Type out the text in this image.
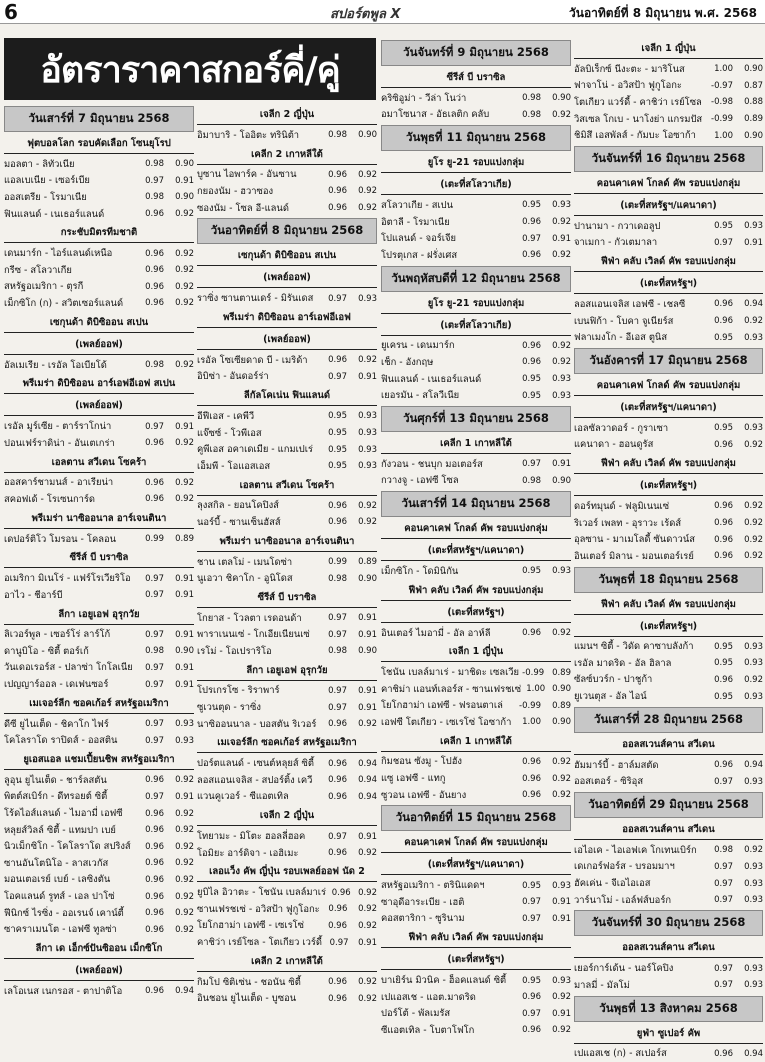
6	สปอร์ตพูล X	วันอาทิตย์ที่ 8 มิถุนายน พ.ศ. 2568
อัตราราคาสกอร์คี่/คู่
วันเสาร์ที่ 7 มิถุนายน 2568
ฟุตบอลโลก รอบคัดเลือก โซนยุโรป
มอลตา - ลิทัวเนีย	0.98	0.90
แอลเบเนีย - เซอร์เบีย	0.97	0.91
ออสเตรีย - โรมาเนีย	0.98	0.90
ฟินแลนด์ - เนเธอร์แลนด์	0.96	0.92
กระชับมิตรทีมชาติ
เดนมาร์ก - ไอร์แลนด์เหนือ	0.96	0.92
กรีซ - สโลวาเกีย	0.96	0.92
สหรัฐอเมริกา - ตุรกี	0.96	0.92
เม็กซิโก (ก) - สวิตเซอร์แลนด์	0.96	0.92
เซกุนด้า ดิบิซิออน สเปน
(เพลย์ออฟ)
อัลเมเรีย - เรอัล โอเบียโด้	0.98	0.92
พรีเมร่า ดิบิซิออน อาร์เอฟอีเอฟ สเปน
(เพลย์ออฟ)
เรอัล มูร์เซีย - ตาร์ราโกน่า	0.97	0.91
ปอนเฟร์ราดิน่า - อันเตเกร่า	0.96	0.92
เอลตาน สวีเดน โซคร้า
ออสคาร์ชามนส์ - อาเรียน่า	0.96	0.92
สคอฟเด้ - โรเซนการ์ด	0.96	0.92
พรีเมร่า นาซิออนาล อาร์เจนตินา
เดปอร์ติโว โมรอน - โคลอน	0.99	0.89
ซีรีส์ บี บราซิล
อเมริกา มิเนโร่ - แฟร์โรเวียริโอ	0.97	0.91
อาไว - ชีอาร์บี	0.97	0.91
ลีกา เอยูเอฟ อุรุกวัย
ลิเวอร์พูล - เซอร์โร่ ลาร์โก้	0.97	0.91
ดานูบิโอ - ซิตี้ ตอร์เก้	0.98	0.90
วันเดอเรอร์ส - ปลาซ่า โกโลเนีย	0.97	0.91
เปญญาร์ออล - เดเฟนซอร์	0.97	0.91
เมเจอร์ลีก ซอคเก้อร์ สหรัฐอเมริกา
ดีซี ยูไนเต็ด - ชิคาโก ไฟร์	0.97	0.93
โคโลราโด ราปิดส์ - ออสติน	0.97	0.93
ยูเอสแอล แชมเปี้ยนชิพ สหรัฐอเมริกา
ลูอุน ยูไนเต็ด - ชาร์ลสตัน	0.96	0.92
พิตต์สเบิร์ก - ดีทรอยต์ ซิตี้	0.97	0.91
โร้ดไอส์แลนด์ - ไมอามี่ เอฟซี	0.96	0.92
หลุยส์วิลล์ ซิตี้ - แทมปา เบย์	0.96	0.92
นิวเม็กซิโก - โคโลราโด สปริงส์	0.96	0.92
ซานอันโตนิโอ - ลาสเวกัส	0.96	0.92
มอนเตอเรย์ เบย์ - เลซิงตัน	0.96	0.92
โอคแลนด์ รูทส์ - เอล ปาโซ่	0.96	0.92
ฟีนิกซ์ ไรซิ่ง - ออเรนจ์ เคาน์ตี้	0.96	0.92
ซาคราเมนโต - เอฟซี ทูลซ่า	0.96	0.92
ลีกา เด เอ็กซ์ปันซิออน เม็กซิโก
(เพลย์ออฟ)
เลโอเนส เนกรอส - ตาปาติโอ	0.96	0.94
เจลีก 2 ญี่ปุ่น
อิมาบาริ - โออิตะ ทรินิต้า	0.98	0.90
เคลีก 2 เกาหลีใต้
บูซาน ไอพาร์ค - อันซาน	0.96	0.92
กยองนัม - ฮวาซอง	0.96	0.92
ซองนัม - โซล อี-แลนด์	0.96	0.92
วันอาทิตย์ที่ 8 มิถุนายน 2568
เซกุนด้า ดิบิซิออน สเปน
(เพลย์ออฟ)
ราซิ่ง ซานตานเดร์ - มิรันเดส	0.97	0.93
พรีเมร่า ดิบิซิออน อาร์เอฟอีเอฟ
(เพลย์ออฟ)
เรอัล โซเซียดาด บี - เมริด้า	0.96	0.92
อิบิซ่า - อันดอร์ร่า	0.97	0.91
ลีกัลโคเน่น ฟินแลนด์
อีฟีเอส - เคพีวี	0.95	0.93
แจ๊ซซ์ - โวพีเอส	0.95	0.93
คูพีเอส อคาเดเมีย - แกมเปเร่	0.95	0.93
เอ็มพี - โอแอสเอส	0.95	0.93
เอลตาน สวีเดน โซคร้า
ลุงสกิล - ยอนโคปิงส์	0.96	0.92
นอร์บี้ - ซานเซ็นฮัสส์	0.96	0.92
พรีเมร่า นาซิออนาล อาร์เจนตินา
ชาน เตลโม่ - เมนโดซ่า	0.99	0.89
นูเอวา ชิคาโก - อูนิโดส	0.98	0.90
ซีรีส์ บี บราซิล
โกยาส - โวลตา เรดอนด้า	0.97	0.91
พาราเนนเซ่ - โกเอียเนียนเซ่	0.97	0.91
เรโม่ - โอเปราริโอ	0.98	0.90
ลีกา เอยูเอฟ อุรุกวัย
โปรเกรโซ - ริราพาร์	0.97	0.91
ซูเวนตุด - ราซิ่ง	0.97	0.91
นาซิออนนาล - บอสตัน ริเวอร์	0.96	0.92
เมเจอร์ลีก ซอคเก้อร์ สหรัฐอเมริกา
ปอร์ตแลนด์ - เซนต์หลุยส์ ซิตี้	0.96	0.94
ลอสแอนเจลิส - สปอร์ติ้ง เควี	0.96	0.94
แวนคูเวอร์ - ซีแอตเทิล	0.96	0.94
เจลีก 2 ญี่ปุ่น
โทยามะ - มิโตะ ฮอลลี่ฮอค	0.97	0.91
โอมิยะ อาร์ดิจา - เอฮิเมะ	0.96	0.92
เลอแว็ง คัพ ญี่ปุ่น รอบเพลย์ออฟ นัด 2
ยูบิไล อิวาตะ - โชนัน เบลล์มาเร่ 0.96 0.92
ซานเฟรชเซ่ - อวิสป้า ฟูกูโอกะ	0.96	0.92
โยโกฮาม่า เอฟซี - เซเรโซ่	0.96	0.92
คาชิว่า เรย์โซล - โตเกียว เวร์ดี้ 0.97	0.91
เคลีก 2 เกาหลีใต้
กิมโป ซิติเซ่น - ชอนัน ซิตี้	0.96	0.92
อินชอน ยูไนเต็ด - บูซอน	0.96	0.92
วันจันทร์ที่ 9 มิถุนายน 2568
ซีรีส์ บี บราซิล
คริซิอูม่า - วีล่า โนว่า	0.98	0.90
อมาโซนาส - อัธเลติก คลับ	0.98	0.92
วันพุธที่ 11 มิถุนายน 2568
ยูโร ยู-21 รอบแบ่งกลุ่ม
(เตะที่สโลวาเกีย)
สโลวาเกีย - สเปน	0.95	0.93
อิตาลี - โรมาเนีย	0.96	0.92
โปแลนด์ - จอร์เจีย	0.97	0.91
โปรตุเกส - ฝรั่งเศส	0.96	0.92
วันพฤหัสบดีที่ 12 มิถุนายน 2568
ยูโร ยู-21 รอบแบ่งกลุ่ม
(เตะที่สโลวาเกีย)
ยูเครน - เดนมาร์ก	0.96	0.92
เช็ก - อังกฤษ	0.96	0.92
ฟินแลนด์ - เนเธอร์แลนด์	0.95	0.93
เยอรมัน - สโลวีเนีย	0.95	0.93
วันศุกร์ที่ 13 มิถุนายน 2568
เคลีก 1 เกาหลีใต้
กังวอน - ชนบุก มอเตอร์ส	0.97	0.91
กวางจู - เอฟซี โซล	0.98	0.90
วันเสาร์ที่ 14 มิถุนายน 2568
คอนคาเคฟ โกลด์ คัพ รอบแบ่งกลุ่ม
(เตะที่สหรัฐฯ/แคนาดา)
เม็กซิโก - โดมินิกัน	0.95	0.93
ฟีฟ่า คลับ เวิลด์ คัพ รอบแบ่งกลุ่ม
(เตะที่สหรัฐฯ)
อินเตอร์ ไมอามี่ - อัล อาห์ลี	0.96	0.92
เจลีก 1 ญี่ปุ่น
โชนัน เบลล์มาเร่ - มาชิดะ เซลเวีย -0.99 0.89
คาชิม่า แอนท์เลอร์ส - ซานเฟรชเซ่ 1.00 0.90
โยโกฮาม่า เอฟซี - ฟรอนตาเล่	-0.99	0.89
เอฟซี โตเกียว - เซเรโซ่ โอซาก้า	1.00	0.90
เคลีก 1 เกาหลีใต้
กิมชอน ซังมู - โปฮัง	0.96	0.92
แซู เอฟซี - แทกู	0.96	0.92
ซูวอน เอฟซี - อันยาง	0.96	0.92
วันอาทิตย์ที่ 15 มิถุนายน 2568
คอนคาเคฟ โกลด์ คัพ รอบแบ่งกลุ่ม
(เตะที่สหรัฐฯ/แคนาดา)
สหรัฐอเมริกา - ตรินิแดดฯ	0.95	0.93
ซาอุดีอาระเบีย - เฮติ	0.97	0.91
คอสตาริกา - ซูรินาม	0.97	0.91
ฟีฟ่า คลับ เวิลด์ คัพ รอบแบ่งกลุ่ม
(เตะที่สหรัฐฯ)
บาเยิร์น มิวนิค - ฮ็อคแลนด์ ซิตี้	0.95	0.93
เปแอสเช - แอต.มาดริด	0.96	0.92
ปอร์โต้ - พัลเมรัส	0.97	0.91
ซีแอตเทิล - โบตาโฟโก	0.96	0.92
เจลีก 1 ญี่ปุ่น
อัลบิเร็กซ์ นีงะตะ - มาริโนส	1.00	0.90
ฟาจาโน่ - อวิสป้า ฟูกูโอกะ	-0.97	0.87
โตเกียว แวร์ดี้ - คาชิว่า เรย์โซล	-0.98	0.88
วิสเซล โกเบ - นาโงย่า แกรมปัส	-0.99	0.89
ชิมิสึ เอสพัลส์ - กัมบะ โอซาก้า	1.00	0.90
วันจันทร์ที่ 16 มิถุนายน 2568
คอนคาเคฟ โกลด์ คัพ รอบแบ่งกลุ่ม
(เตะที่สหรัฐฯ/แคนาดา)
ปานามา - กวาเดอลูป	0.95	0.93
จาเมกา - กัวเตมาลา	0.97	0.91
ฟีฟ่า คลับ เวิลด์ คัพ รอบแบ่งกลุ่ม
(เตะที่สหรัฐฯ)
ลอสแอนเจลิส เอฟซี - เชลซี	0.96	0.94
เบนฟิก้า - โบคา จูเนียร์ส	0.96	0.92
ฟลาเมงโก - อีเอส ตูนิส	0.95	0.93
วันอังคารที่ 17 มิถุนายน 2568
คอนคาเคฟ โกลด์ คัพ รอบแบ่งกลุ่ม
(เตะที่สหรัฐฯ/แคนาดา)
เอลซัลวาดอร์ - กูราเซา	0.95	0.93
แคนาดา - ฮอนดูรัส	0.96	0.92
ฟีฟ่า คลับ เวิลด์ คัพ รอบแบ่งกลุ่ม
(เตะที่สหรัฐฯ)
ดอร์ทมุนด์ - ฟลูมิเนนเซ่	0.96	0.92
ริเวอร์ เพลท - อุราวะ เร้ดส์	0.96	0.92
อุลซาน - มาเมโลดี้ ซันดาวน์ส	0.96	0.92
อินเตอร์ มิลาน - มอนเตอร์เรย์	0.96	0.92
วันพุธที่ 18 มิถุนายน 2568
ฟีฟ่า คลับ เวิลด์ คัพ รอบแบ่งกลุ่ม
(เตะที่สหรัฐฯ)
แมนฯ ซิตี้ - วิดัด คาซาบลังก้า	0.95	0.93
เรอัล มาดริด - อัล ฮิลาล	0.95	0.93
ซัลซ์บวร์ก - ปาชูก้า	0.96	0.92
ยูเวนตุส - อัล ไอน์	0.95	0.93
วันเสาร์ที่ 28 มิถุนายน 2568
ออลสเวนส์คาน สวีเดน
ฮัมมาร์บี้ - ฮาล์มสตัด	0.96	0.94
ออสเตอร์ - ซิริอุส	0.97	0.93
วันอาทิตย์ที่ 29 มิถุนายน 2568
ออลสเวนส์คาน สวีเดน
เอไอเค - ไอเอฟเค โกเทนเบิร์ก	0.98	0.92
เดเกอร์ฟอร์ส - บรอมมาฯ	0.97	0.93
ฮัคเค่น - จีเอไอเอส	0.97	0.93
วาร์นาโม่ - เอล์ฟส์บอร์ก	0.97	0.93
วันจันทร์ที่ 30 มิถุนายน 2568
ออลสเวนส์คาน สวีเดน
เยอร์การ์เด้น - นอร์โคปิง	0.97	0.93
มาลมี่ - มัลโม่	0.97	0.93
วันพุธที่ 13 สิงหาคม 2568
ยูฟ่า ซูเปอร์ คัพ
เปแอสเช (ก) - สเปอร์ส	0.96	0.94
